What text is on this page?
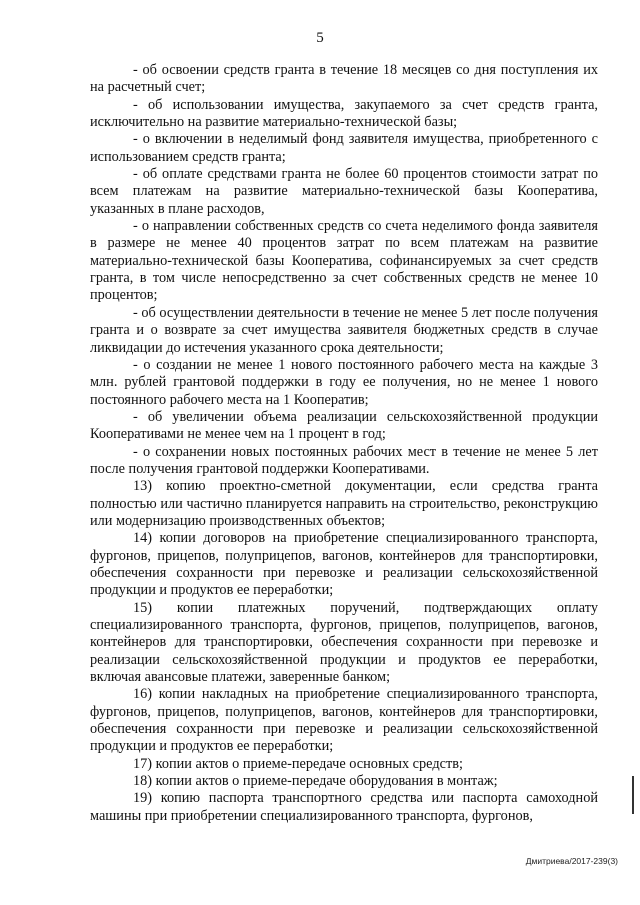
5

- об освоении средств гранта в течение 18 месяцев со дня поступления их на расчетный счет;

- об использовании имущества, закупаемого за счет средств гранта, исключительно на развитие материально-технической базы;

- о включении в неделимый фонд заявителя имущества, приобретенного с использованием средств гранта;

- об оплате средствами гранта не более 60 процентов стоимости затрат по всем платежам на развитие материально-технической базы Кооператива, указанных в плане расходов,

- о направлении собственных средств со счета неделимого фонда заявителя в размере не менее 40 процентов затрат по всем платежам на развитие материально-технической базы Кооператива, софинансируемых за счет средств гранта, в том числе непосредственно за счет собственных средств не менее 10 процентов;

- об осуществлении деятельности в течение не менее 5 лет после получения гранта и о возврате за счет имущества заявителя бюджетных средств в случае ликвидации до истечения указанного срока деятельности;

- о создании не менее 1 нового постоянного рабочего места на каждые 3 млн. рублей грантовой поддержки в году ее получения, но не менее 1 нового постоянного рабочего места на 1 Кооператив;

- об увеличении объема реализации сельскохозяйственной продукции Кооперативами не менее чем на 1 процент в год;

- о сохранении новых постоянных рабочих мест в течение не менее 5 лет после получения грантовой поддержки Кооперативами.

13) копию проектно-сметной документации, если средства гранта полностью или частично планируется направить на строительство, реконструкцию или модернизацию производственных объектов;

14) копии договоров на приобретение специализированного транспорта, фургонов, прицепов, полуприцепов, вагонов, контейнеров для транспортировки, обеспечения сохранности при перевозке и реализации сельскохозяйственной продукции и продуктов ее переработки;

15) копии платежных поручений, подтверждающих оплату специализированного транспорта, фургонов, прицепов, полуприцепов, вагонов, контейнеров для транспортировки, обеспечения сохранности при перевозке и реализации сельскохозяйственной продукции и продуктов ее переработки, включая авансовые платежи, заверенные банком;

16) копии накладных на приобретение специализированного транспорта, фургонов, прицепов, полуприцепов, вагонов, контейнеров для транспортировки, обеспечения сохранности при перевозке и реализации сельскохозяйственной продукции и продуктов ее переработки;

17) копии актов о приеме-передаче основных средств;

18) копии актов о приеме-передаче оборудования в монтаж;

19) копию паспорта транспортного средства или паспорта самоходной машины при приобретении специализированного транспорта, фургонов,

Дмитриева/2017-239(3)
